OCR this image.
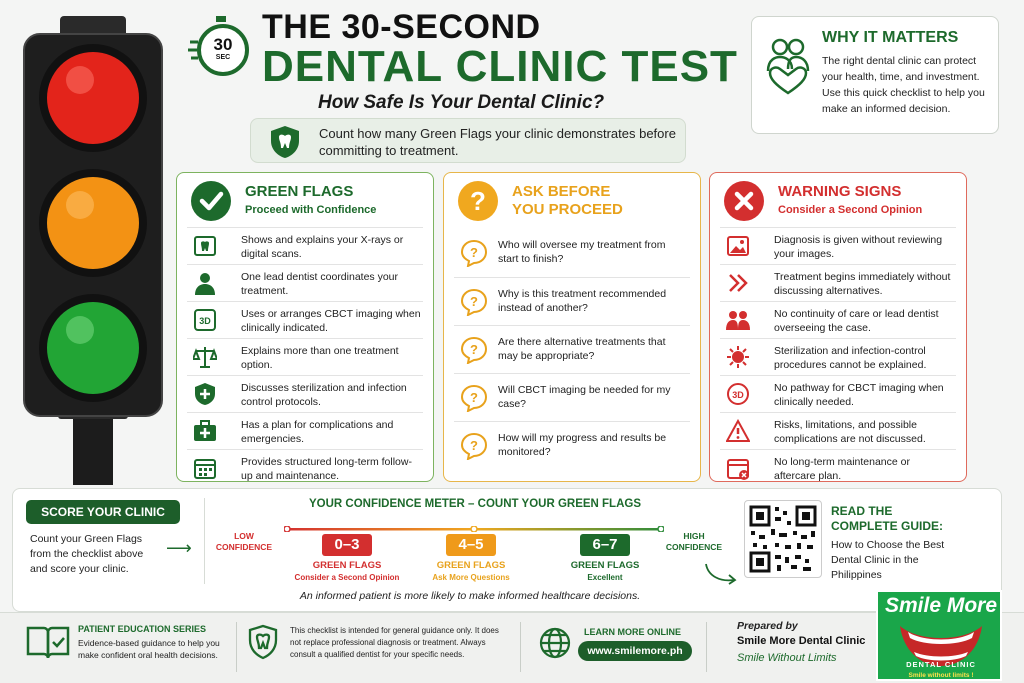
30
SEC
THE 30-SECOND
DENTAL CLINIC TEST
How Safe Is Your Dental Clinic?
Count how many Green Flags your clinic demonstrates before committing to treatment.
WHY IT MATTERS

The right dental clinic can protect your health, time, and investment. Use this quick checklist to help you make an informed decision.

GREEN FLAGS
Proceed with Confidence
Shows and explains your X-rays or digital scans.
One lead dentist coordinates your treatment.
3D
Uses or arranges CBCT imaging when clinically indicated.
Explains more than one treatment option.
Discusses sterilization and infection control protocols.
Has a plan for complications and emergencies.
Provides structured long-term follow-up and maintenance.
?	ASK BEFORE
YOU PROCEED
? Who will oversee my treatment from start to finish?
? Why is this treatment recommended instead of another?
? Are there alternative treatments that may be appropriate?
? Will CBCT imaging be needed for my case?
? How will my progress and results be monitored?
WARNING SIGNS
Consider a Second Opinion
Diagnosis is given without reviewing your images.
Treatment begins immediately without discussing alternatives.
No continuity of care or lead dentist overseeing the case.
Sterilization and infection-control procedures cannot be explained.
3D
No pathway for CBCT imaging when clinically needed.
Risks, limitations, and possible complications are not discussed.
No long-term maintenance or aftercare plan.
SCORE YOUR CLINIC
Count your Green Flags from the checklist above and score your clinic.
⟶
YOUR CONFIDENCE METER – COUNT YOUR GREEN FLAGS
LOW CONFIDENCE
HIGH CONFIDENCE
0–3
GREEN FLAGS
Consider a Second Opinion
4–5
GREEN FLAGS
Ask More Questions
6–7
GREEN FLAGS
Excellent
An informed patient is more likely to make informed healthcare decisions.
READ THE COMPLETE GUIDE:
How to Choose the Best Dental Clinic in the Philippines
PATIENT EDUCATION SERIES
Evidence-based guidance to help you make confident oral health decisions.
This checklist is intended for general guidance only. It does not replace professional diagnosis or treatment. Always consult a qualified dentist for your specific needs.
LEARN MORE ONLINE
www.smilemore.ph
Prepared by
Smile More Dental Clinic
Smile Without Limits
Smile More
DENTAL CLINIC
Smile without limits !
